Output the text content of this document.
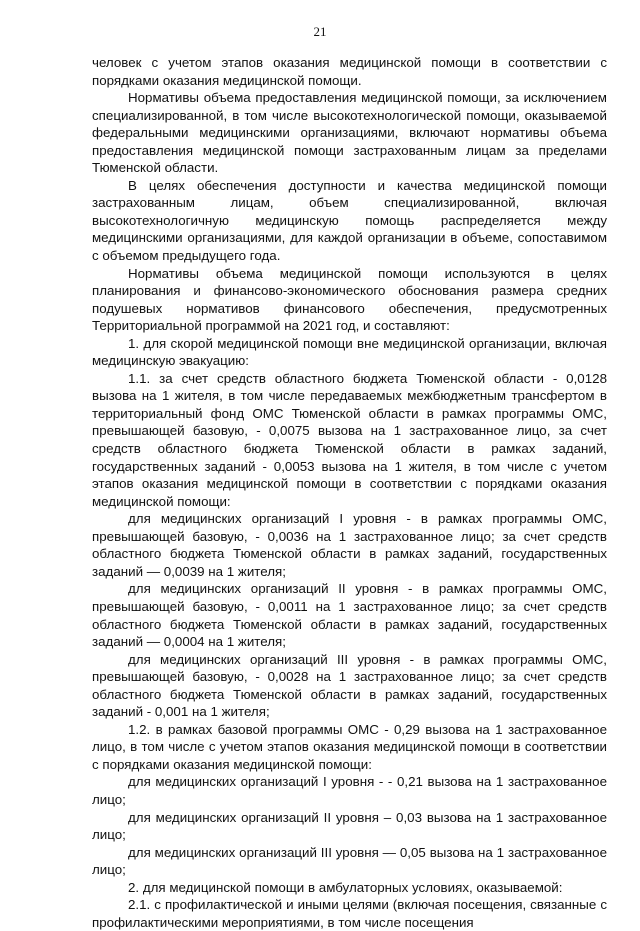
21

человек с учетом этапов оказания медицинской помощи в соответствии с порядками оказания медицинской помощи.

Нормативы объема предоставления медицинской помощи, за исключением специализированной, в том числе высокотехнологической помощи, оказываемой федеральными медицинскими организациями, включают нормативы объема предоставления медицинской помощи застрахованным лицам за пределами Тюменской области.

В целях обеспечения доступности и качества медицинской помощи застрахованным лицам, объем специализированной, включая высокотехнологичную медицинскую помощь распределяется между медицинскими организациями, для каждой организации в объеме, сопоставимом с объемом предыдущего года.

Нормативы объема медицинской помощи используются в целях планирования и финансово-экономического обоснования размера средних подушевых нормативов финансового обеспечения, предусмотренных Территориальной программой на 2021 год, и составляют:

1. для скорой медицинской помощи вне медицинской организации, включая медицинскую эвакуацию:

1.1. за счет средств областного бюджета Тюменской области - 0,0128 вызова на 1 жителя, в том числе передаваемых межбюджетным трансфертом в территориальный фонд ОМС Тюменской области в рамках программы ОМС, превышающей базовую, - 0,0075 вызова на 1 застрахованное лицо, за счет средств областного бюджета Тюменской области в рамках заданий, государственных заданий - 0,0053 вызова на 1 жителя, в том числе с учетом этапов оказания медицинской помощи в соответствии с порядками оказания медицинской помощи:

для медицинских организаций I уровня - в рамках программы ОМС, превышающей базовую, - 0,0036 на 1 застрахованное лицо; за счет средств областного бюджета Тюменской области в рамках заданий, государственных заданий — 0,0039 на 1 жителя;

для медицинских организаций II уровня - в рамках программы ОМС, превышающей базовую, - 0,0011 на 1 застрахованное лицо; за счет средств областного бюджета Тюменской области в рамках заданий, государственных заданий — 0,0004 на 1 жителя;

для медицинских организаций III уровня - в рамках программы ОМС, превышающей базовую, - 0,0028 на 1 застрахованное лицо; за счет средств областного бюджета Тюменской области в рамках заданий, государственных заданий - 0,001 на 1 жителя;

1.2. в рамках базовой программы ОМС - 0,29 вызова на 1 застрахованное лицо, в том числе с учетом этапов оказания медицинской помощи в соответствии с порядками оказания медицинской помощи:

для медицинских организаций I уровня - - 0,21 вызова на 1 застрахованное лицо;

для медицинских организаций II уровня – 0,03 вызова на 1 застрахованное лицо;

для медицинских организаций III уровня — 0,05 вызова на 1 застрахованное лицо;

2. для медицинской помощи в амбулаторных условиях, оказываемой:

2.1. с профилактической и иными целями (включая посещения, связанные с профилактическими мероприятиями, в том числе посещения
